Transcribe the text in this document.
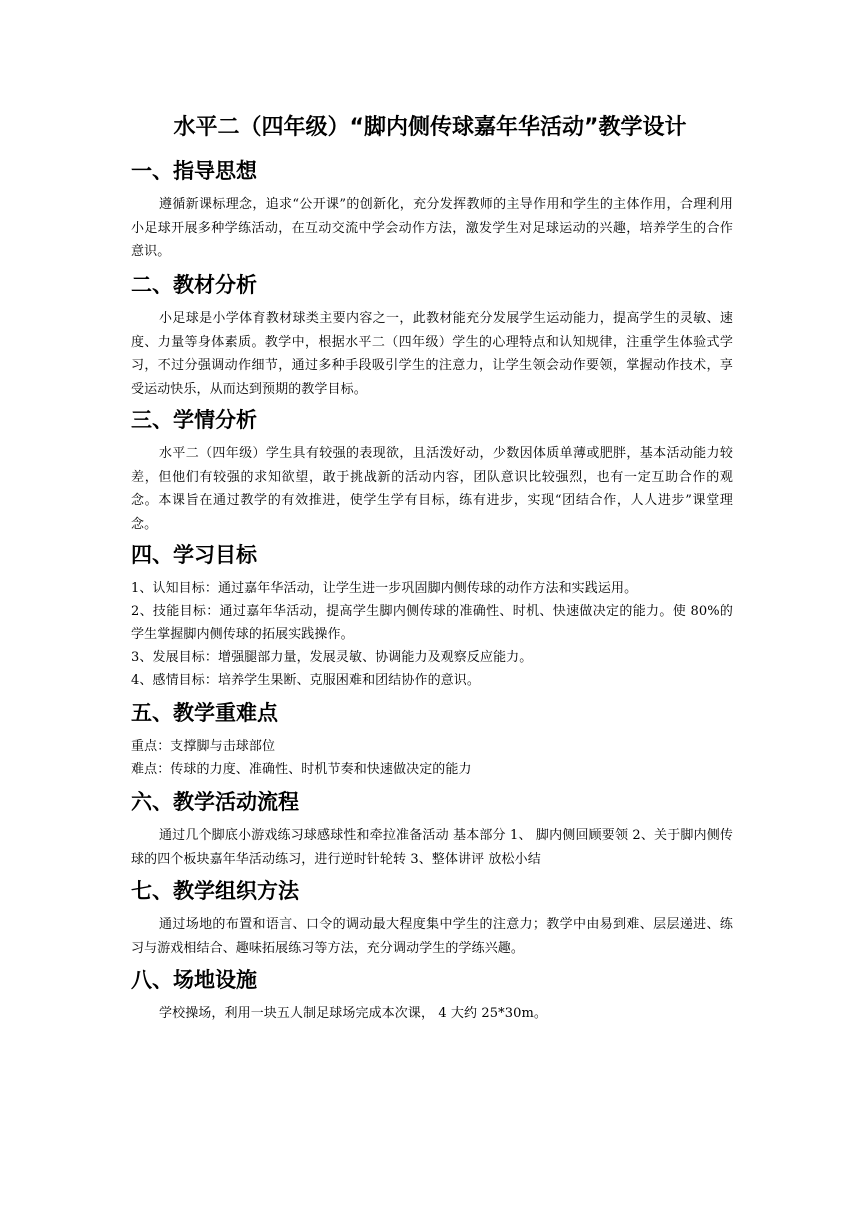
水平二（四年级）“脚内侧传球嘉年华活动”教学设计
一、指导思想

遵循新课标理念，追求“公开课”的创新化，充分发挥教师的主导作用和学生的主体作用，合理利用小足球开展多种学练活动，在互动交流中学会动作方法，激发学生对足球运动的兴趣，培养学生的合作意识。

二、教材分析

小足球是小学体育教材球类主要内容之一，此教材能充分发展学生运动能力，提高学生的灵敏、速度、力量等身体素质。教学中，根据水平二（四年级）学生的心理特点和认知规律，注重学生体验式学习，不过分强调动作细节，通过多种手段吸引学生的注意力，让学生领会动作要领，掌握动作技术，享受运动快乐，从而达到预期的教学目标。

三、学情分析

水平二（四年级）学生具有较强的表现欲，且活泼好动，少数因体质单薄或肥胖，基本活动能力较差，但他们有较强的求知欲望，敢于挑战新的活动内容，团队意识比较强烈，也有一定互助合作的观念。本课旨在通过教学的有效推进，使学生学有目标，练有进步，实现“团结合作，人人进步”课堂理念。

四、学习目标

1、认知目标：通过嘉年华活动，让学生进一步巩固脚内侧传球的动作方法和实践运用。

2、技能目标：通过嘉年华活动，提高学生脚内侧传球的准确性、时机、快速做决定的能力。使 80%的学生掌握脚内侧传球的拓展实践操作。

3、发展目标：增强腿部力量，发展灵敏、协调能力及观察反应能力。

4、感情目标：培养学生果断、克服困难和团结协作的意识。

五、教学重难点

重点：支撑脚与击球部位

难点：传球的力度、准确性、时机节奏和快速做决定的能力

六、教学活动流程

通过几个脚底小游戏练习球感球性和牵拉准备活动 基本部分 1、 脚内侧回顾要领 2、关于脚内侧传球的四个板块嘉年华活动练习，进行逆时针轮转 3、整体讲评 放松小结

七、教学组织方法

通过场地的布置和语言、口令的调动最大程度集中学生的注意力；教学中由易到难、层层递进、练习与游戏相结合、趣味拓展练习等方法，充分调动学生的学练兴趣。

八、场地设施

学校操场，利用一块五人制足球场完成本次课， 4 大约 25*30m。
